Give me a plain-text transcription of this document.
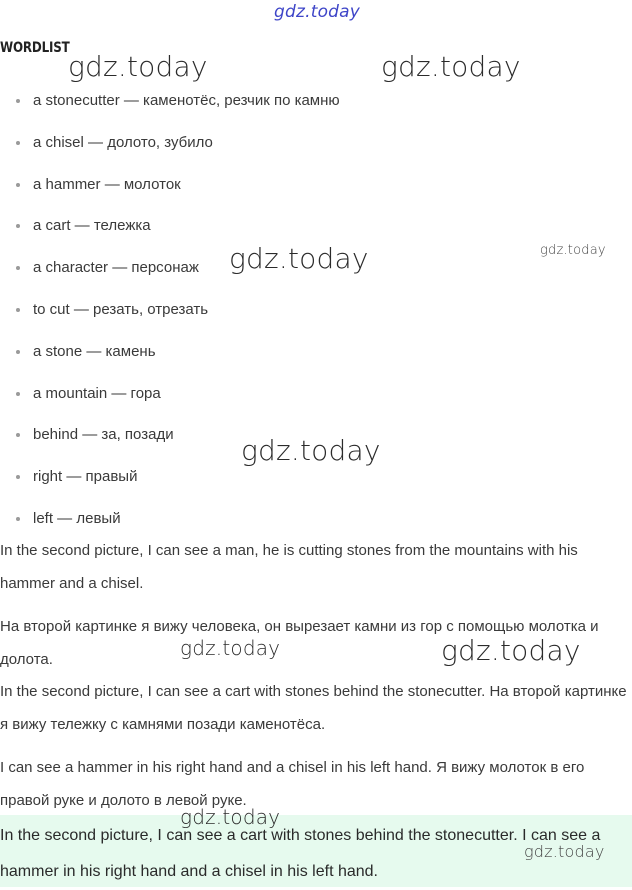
gdz.today
WORDLIST
a stonecutter — каменотёс, резчик по камню
a chisel — долото, зубило
a hammer — молоток
a cart — тележка
a character — персонаж
to cut — резать, отрезать
a stone — камень
a mountain — гора
behind — за, позади
right — правый
left — левый

In the second picture, I can see a man, he is cutting stones from the mountains with his hammer and a chisel.

На второй картинке я вижу человека, он вырезает камни из гор с помощью молотка и долота.

In the second picture, I can see a cart with stones behind the stonecutter. На второй картинке я вижу тележку с камнями позади каменотёса.

I can see a hammer in his right hand and a chisel in his left hand. Я вижу молоток в его правой руке и долото в левой руке.

In the second picture, I can see a cart with stones behind the stonecutter. I can see a hammer in his right hand and a chisel in his left hand.

gdz.today	gdz.today
gdz.today	gdz.today
gdz.today
gdz.today	gdz.today
gdz.today
gdz.today
